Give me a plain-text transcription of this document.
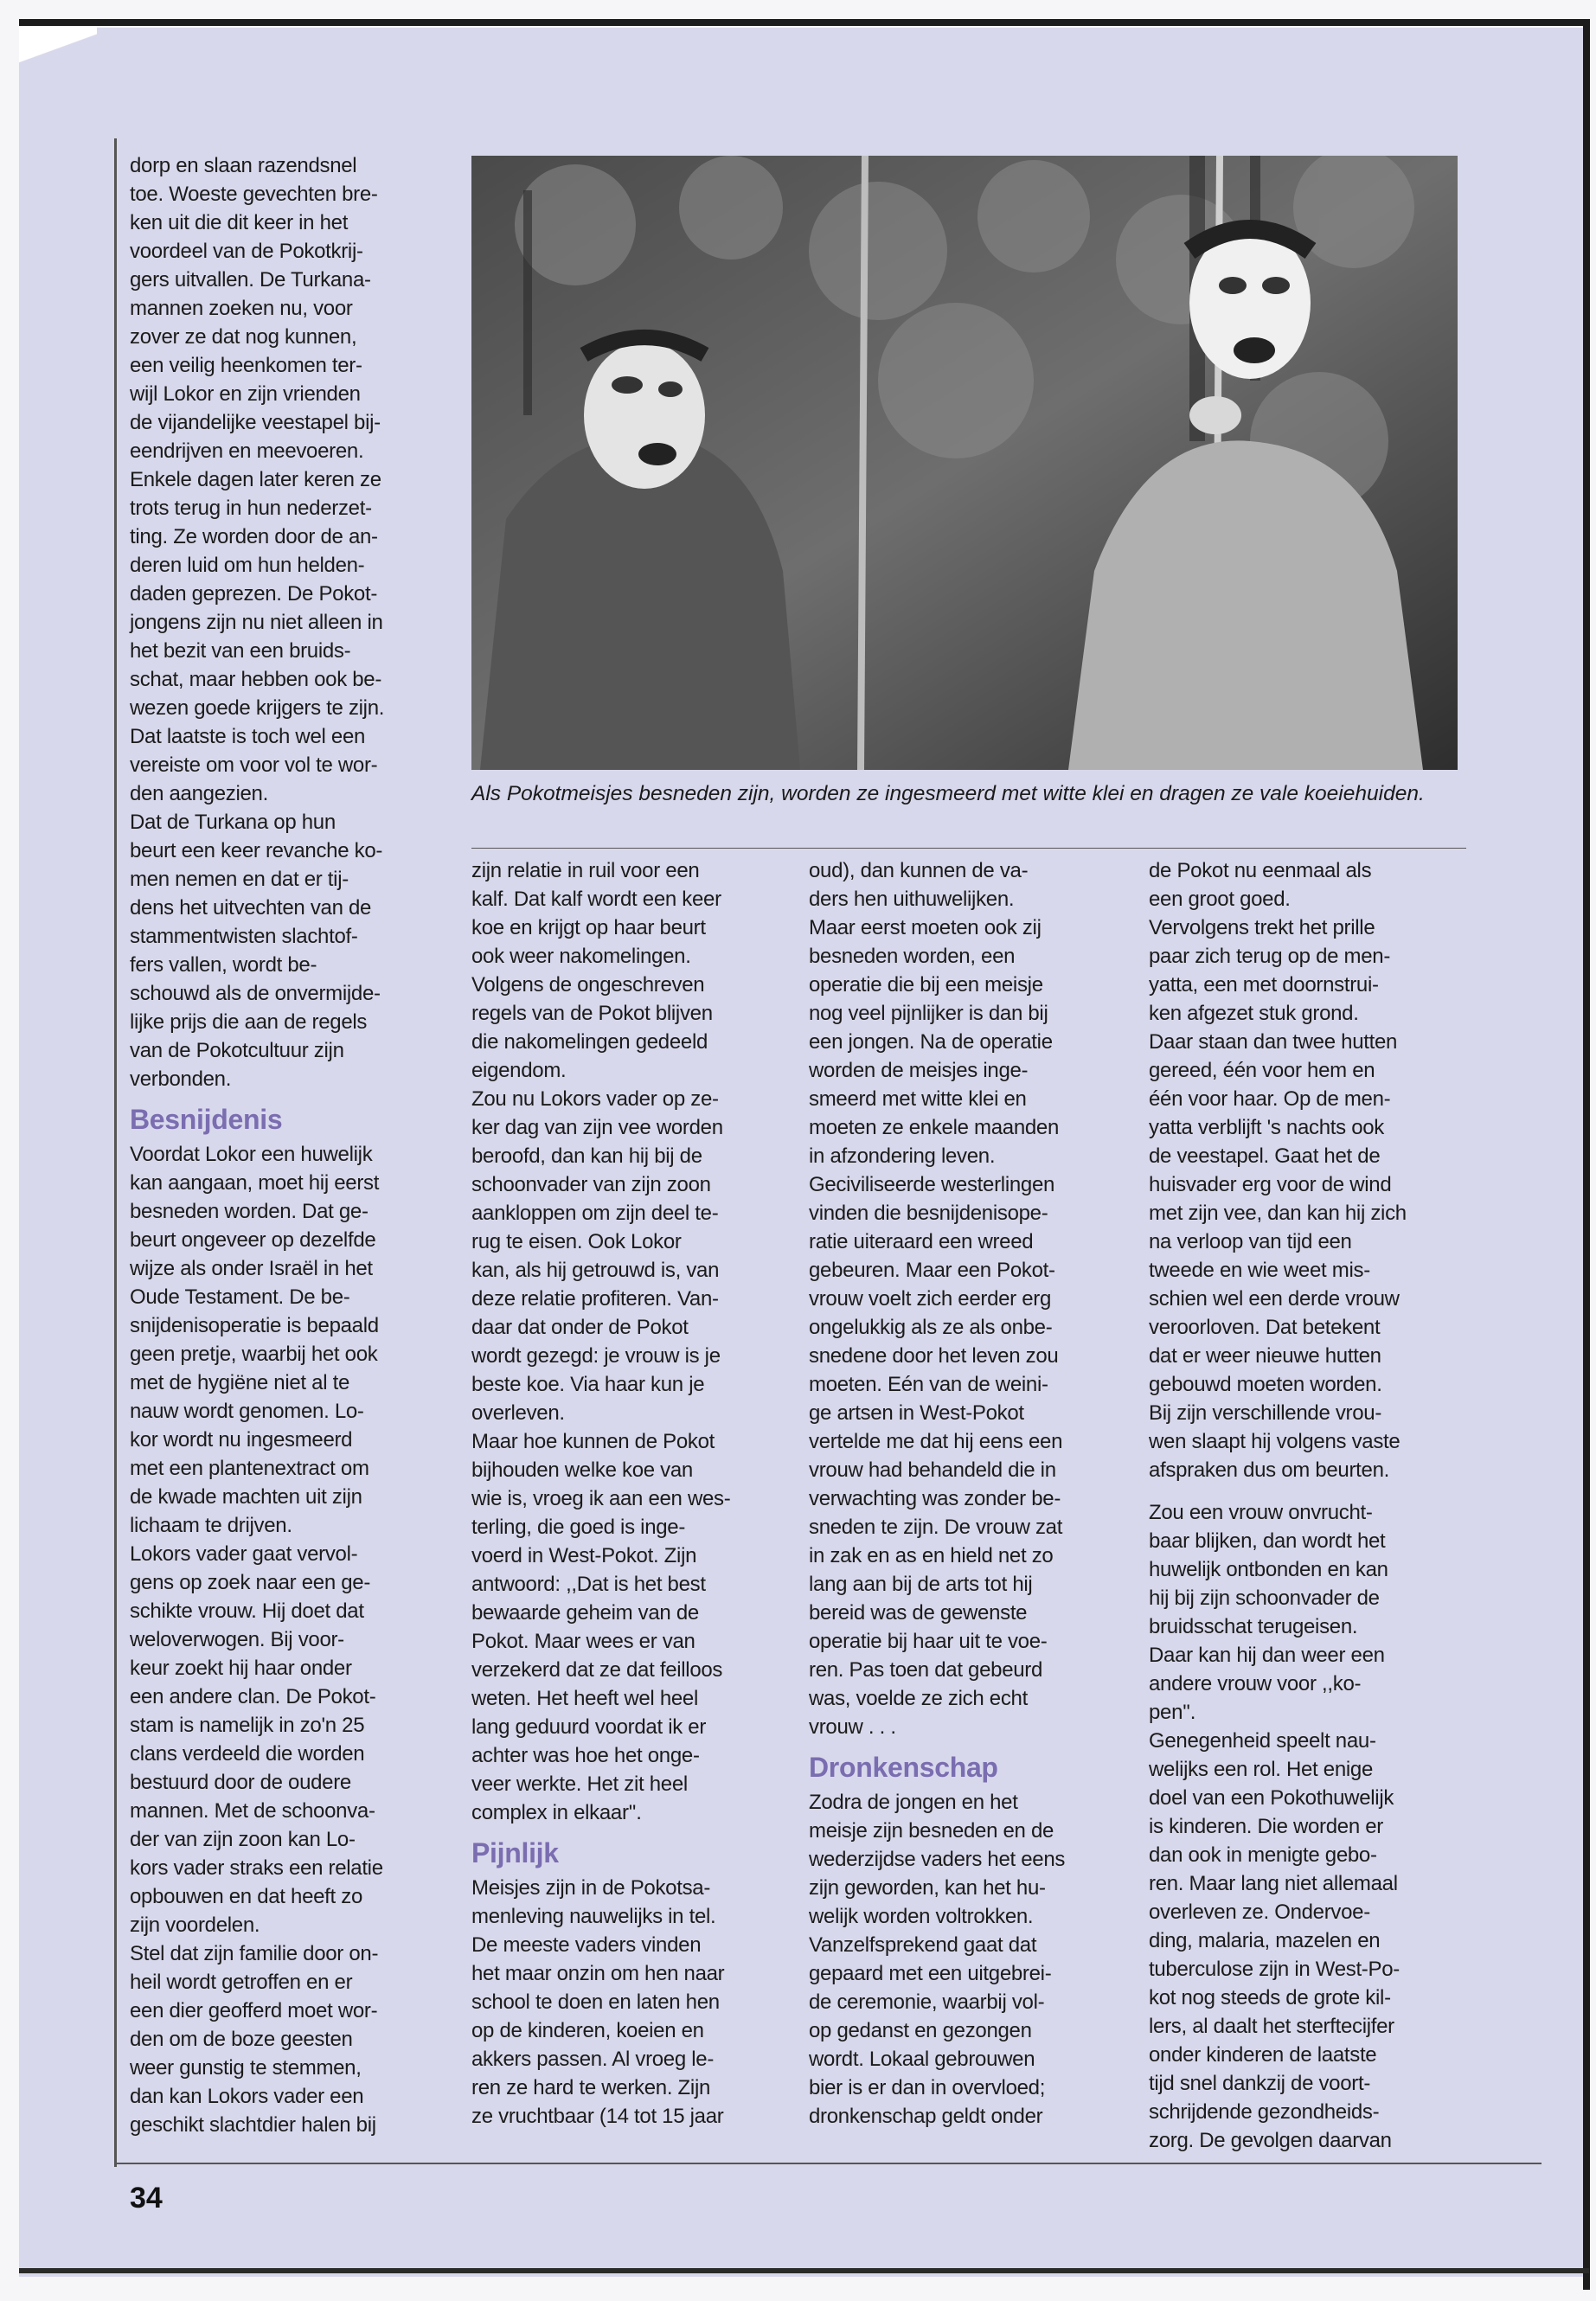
Als Pokotmeisjes besneden zijn, worden ze ingesmeerd met witte klei en dragen ze vale koeiehuiden.

dorp en slaan razendsnel
toe. Woeste gevechten bre-
ken uit die dit keer in het
voordeel van de Pokotkrij-
gers uitvallen. De Turkana-
mannen zoeken nu, voor
zover ze dat nog kunnen,
een veilig heenkomen ter-
wijl Lokor en zijn vrienden
de vijandelijke veestapel bij-
eendrijven en meevoeren.
Enkele dagen later keren ze
trots terug in hun nederzet-
ting. Ze worden door de an-
deren luid om hun helden-
daden geprezen. De Pokot-
jongens zijn nu niet alleen in
het bezit van een bruids-
schat, maar hebben ook be-
wezen goede krijgers te zijn.
Dat laatste is toch wel een
vereiste om voor vol te wor-
den aangezien.

Dat de Turkana op hun
beurt een keer revanche ko-
men nemen en dat er tij-
dens het uitvechten van de
stammentwisten slachtof-
fers vallen, wordt be-
schouwd als de onvermijde-
lijke prijs die aan de regels
van de Pokotcultuur zijn
verbonden.

Besnijdenis

Voordat Lokor een huwelijk
kan aangaan, moet hij eerst
besneden worden. Dat ge-
beurt ongeveer op dezelfde
wijze als onder Israël in het
Oude Testament. De be-
snijdenisoperatie is bepaald
geen pretje, waarbij het ook
met de hygiëne niet al te
nauw wordt genomen. Lo-
kor wordt nu ingesmeerd
met een plantenextract om
de kwade machten uit zijn
lichaam te drijven.

Lokors vader gaat vervol-
gens op zoek naar een ge-
schikte vrouw. Hij doet dat
weloverwogen. Bij voor-
keur zoekt hij haar onder
een andere clan. De Pokot-
stam is namelijk in zo'n 25
clans verdeeld die worden
bestuurd door de oudere
mannen. Met de schoonva-
der van zijn zoon kan Lo-
kors vader straks een relatie
opbouwen en dat heeft zo
zijn voordelen.

Stel dat zijn familie door on-
heil wordt getroffen en er
een dier geofferd moet wor-
den om de boze geesten
weer gunstig te stemmen,
dan kan Lokors vader een
geschikt slachtdier halen bij

zijn relatie in ruil voor een
kalf. Dat kalf wordt een keer
koe en krijgt op haar beurt
ook weer nakomelingen.
Volgens de ongeschreven
regels van de Pokot blijven
die nakomelingen gedeeld
eigendom.

Zou nu Lokors vader op ze-
ker dag van zijn vee worden
beroofd, dan kan hij bij de
schoonvader van zijn zoon
aankloppen om zijn deel te-
rug te eisen. Ook Lokor
kan, als hij getrouwd is, van
deze relatie profiteren. Van-
daar dat onder de Pokot
wordt gezegd: je vrouw is je
beste koe. Via haar kun je
overleven.

Maar hoe kunnen de Pokot
bijhouden welke koe van
wie is, vroeg ik aan een wes-
terling, die goed is inge-
voerd in West-Pokot. Zijn
antwoord: ,,Dat is het best
bewaarde geheim van de
Pokot. Maar wees er van
verzekerd dat ze dat feilloos
weten. Het heeft wel heel
lang geduurd voordat ik er
achter was hoe het onge-
veer werkte. Het zit heel
complex in elkaar''.

Pijnlijk

Meisjes zijn in de Pokotsa-
menleving nauwelijks in tel.
De meeste vaders vinden
het maar onzin om hen naar
school te doen en laten hen
op de kinderen, koeien en
akkers passen. Al vroeg le-
ren ze hard te werken. Zijn
ze vruchtbaar (14 tot 15 jaar

oud), dan kunnen de va-
ders hen uithuwelijken.
Maar eerst moeten ook zij
besneden worden, een
operatie die bij een meisje
nog veel pijnlijker is dan bij
een jongen. Na de operatie
worden de meisjes inge-
smeerd met witte klei en
moeten ze enkele maanden
in afzondering leven.
Geciviliseerde westerlingen
vinden die besnijdenisope-
ratie uiteraard een wreed
gebeuren. Maar een Pokot-
vrouw voelt zich eerder erg
ongelukkig als ze als onbe-
snedene door het leven zou
moeten. Eén van de weini-
ge artsen in West-Pokot
vertelde me dat hij eens een
vrouw had behandeld die in
verwachting was zonder be-
sneden te zijn. De vrouw zat
in zak en as en hield net zo
lang aan bij de arts tot hij
bereid was de gewenste
operatie bij haar uit te voe-
ren. Pas toen dat gebeurd
was, voelde ze zich echt
vrouw . . .

Dronkenschap

Zodra de jongen en het
meisje zijn besneden en de
wederzijdse vaders het eens
zijn geworden, kan het hu-
welijk worden voltrokken.
Vanzelfsprekend gaat dat
gepaard met een uitgebrei-
de ceremonie, waarbij vol-
op gedanst en gezongen
wordt. Lokaal gebrouwen
bier is er dan in overvloed;
dronkenschap geldt onder

de Pokot nu eenmaal als
een groot goed.
Vervolgens trekt het prille
paar zich terug op de men-
yatta, een met doornstrui-
ken afgezet stuk grond.
Daar staan dan twee hutten
gereed, één voor hem en
één voor haar. Op de men-
yatta verblijft 's nachts ook
de veestapel. Gaat het de
huisvader erg voor de wind
met zijn vee, dan kan hij zich
na verloop van tijd een
tweede en wie weet mis-
schien wel een derde vrouw
veroorloven. Dat betekent
dat er weer nieuwe hutten
gebouwd moeten worden.
Bij zijn verschillende vrou-
wen slaapt hij volgens vaste
afspraken dus om beurten.

Zou een vrouw onvrucht-
baar blijken, dan wordt het
huwelijk ontbonden en kan
hij bij zijn schoonvader de
bruidsschat terugeisen.
Daar kan hij dan weer een
andere vrouw voor ,,ko-
pen''.

Genegenheid speelt nau-
welijks een rol. Het enige
doel van een Pokothuwelijk
is kinderen. Die worden er
dan ook in menigte gebo-
ren. Maar lang niet allemaal
overleven ze. Ondervoe-
ding, malaria, mazelen en
tuberculose zijn in West-Po-
kot nog steeds de grote kil-
lers, al daalt het sterftecijfer
onder kinderen de laatste
tijd snel dankzij de voort-
schrijdende gezondheids-
zorg. De gevolgen daarvan

34
